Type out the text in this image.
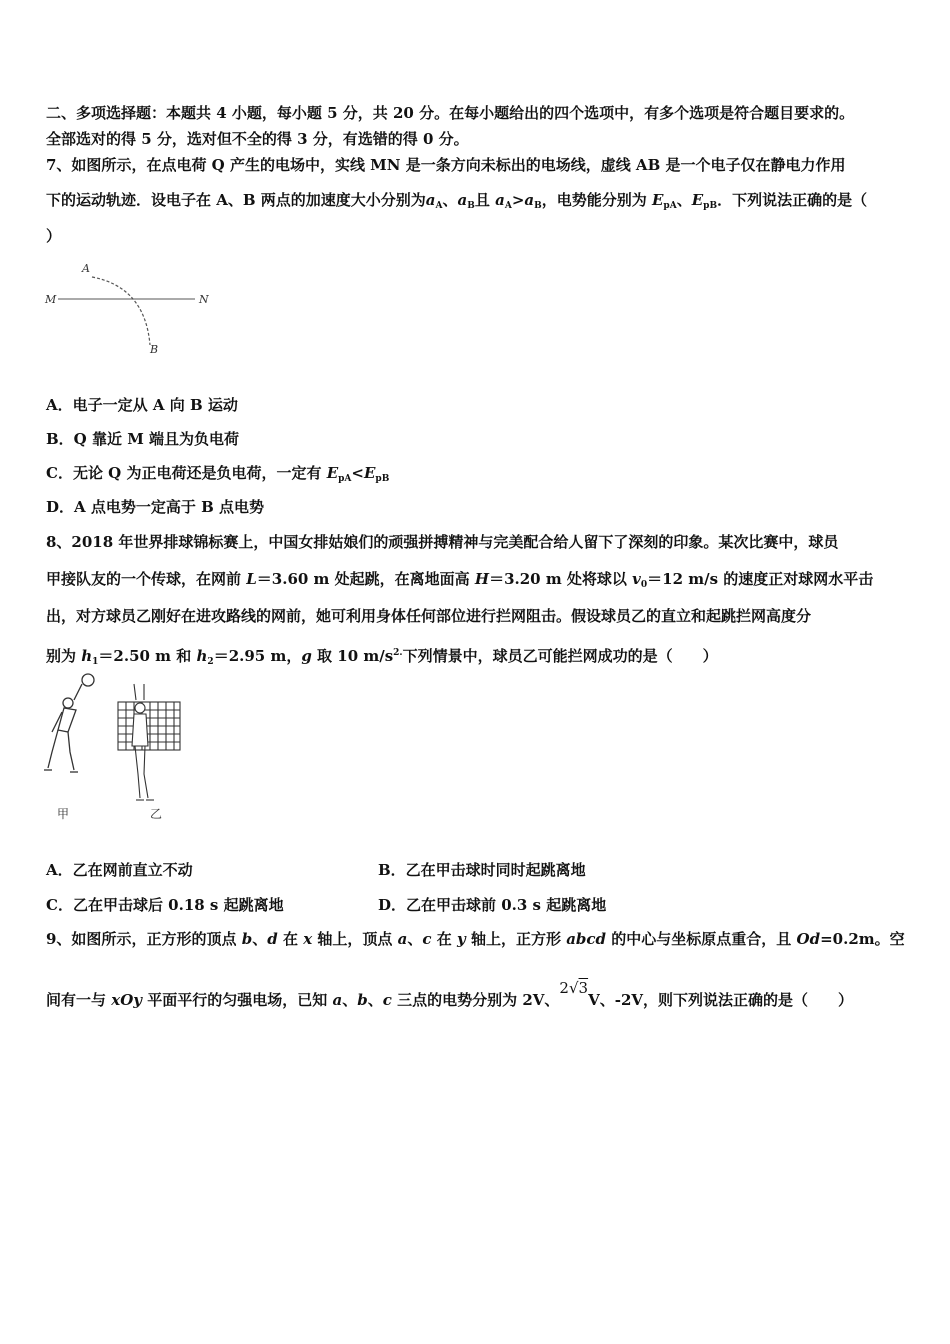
二、多项选择题：本题共 4 小题，每小题 5 分，共 20 分。在每小题给出的四个选项中，有多个选项是符合题目要求的。
全部选对的得 5 分，选对但不全的得 3 分，有选错的得 0 分。
7、如图所示，在点电荷 Q 产生的电场中，实线 MN 是一条方向未标出的电场线，虚线 AB 是一个电子仅在静电力作用
下的运动轨迹．设电子在 A、B 两点的加速度大小分别为$a_A$、$a_B$且 $a_A>a_B$，电势能分别为 $E_{pA}$、$E_{pB}$．下列说法正确的是（
）
A
M	N
B
A．电子一定从 A 向 B 运动
B．Q 靠近 M 端且为负电荷
C．无论 Q 为正电荷还是负电荷，一定有 $E_{pA}<E_{pB}$
D．A 点电势一定高于 B 点电势
8、2018 年世界排球锦标赛上，中国女排姑娘们的顽强拼搏精神与完美配合给人留下了深刻的印象。某次比赛中，球员
甲接队友的一个传球，在网前 L＝3.60 m 处起跳，在离地面高 H＝3.20 m 处将球以 $v_0=12$ m/s 的速度正对球网水平击
出，对方球员乙刚好在进攻路线的网前，她可利用身体任何部位进行拦网阻击。假设球员乙的直立和起跳拦网高度分
别为 $h_1=2.50$ m 和 $h_2=2.95$ m，g 取 10 $m/s^{2.}$下列情景中，球员乙可能拦网成功的是（　　）
甲	乙
A．乙在网前直立不动	B．乙在甲击球时同时起跳离地
C．乙在甲击球后 0.18 s 起跳离地	D．乙在甲击球前 0.3 s 起跳离地
9、如图所示，正方形的顶点 b、d 在 x 轴上，顶点 a、c 在 y 轴上，正方形 abcd 的中心与坐标原点重合，且 Od=0.2m。空
间有一与 xOy 平面平行的匀强电场，已知 a、b、c 三点的电势分别为 2V、2√3V、-2V，则下列说法正确的是（　　）
